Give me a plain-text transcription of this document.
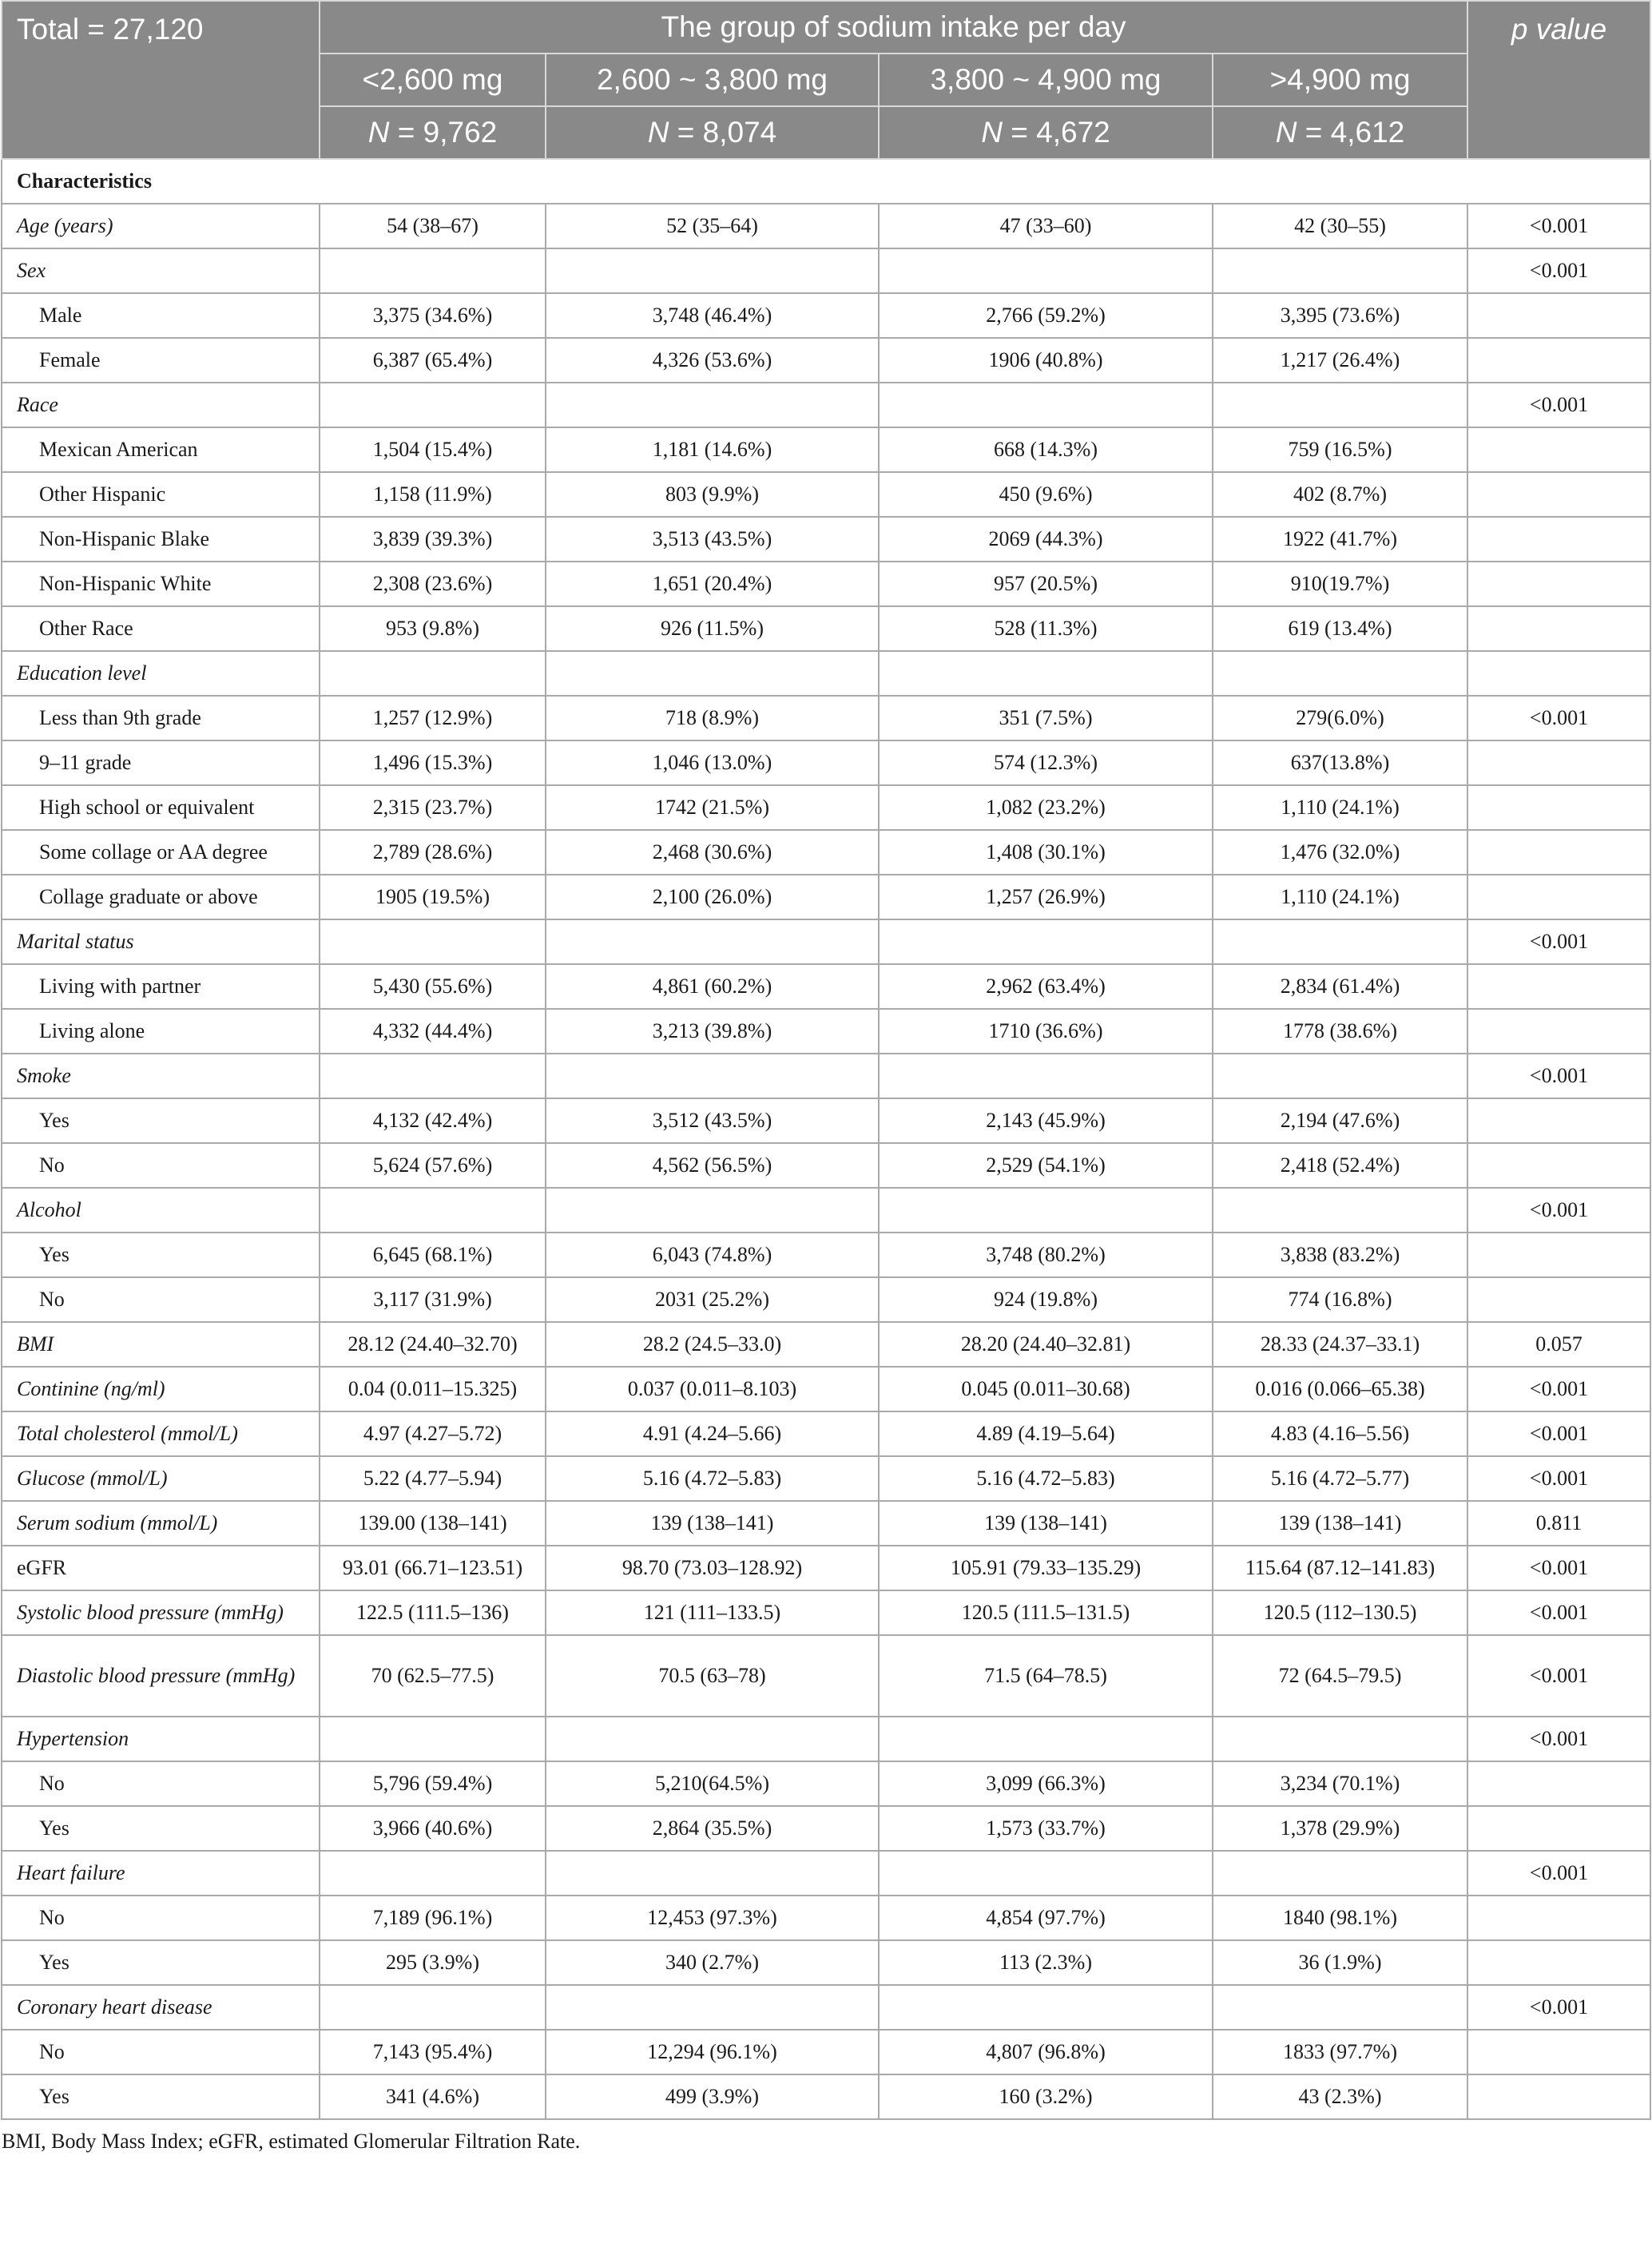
Total = 27,120	The group of sodium intake per day				p value
	<2,600 mg	2,600 ~ 3,800 mg	3,800 ~ 4,900 mg	>4,900 mg	
	N = 9,762	N = 8,074	N = 4,672	N = 4,612	
Characteristics					
Age (years)	54 (38–67)	52 (35–64)	47 (33–60)	42 (30–55)	<0.001
Sex					<0.001
Male	3,375 (34.6%)	3,748 (46.4%)	2,766 (59.2%)	3,395 (73.6%)	
Female	6,387 (65.4%)	4,326 (53.6%)	1906 (40.8%)	1,217 (26.4%)	
Race					<0.001
Mexican American	1,504 (15.4%)	1,181 (14.6%)	668 (14.3%)	759 (16.5%)	
Other Hispanic	1,158 (11.9%)	803 (9.9%)	450 (9.6%)	402 (8.7%)	
Non-Hispanic Blake	3,839 (39.3%)	3,513 (43.5%)	2069 (44.3%)	1922 (41.7%)	
Non-Hispanic White	2,308 (23.6%)	1,651 (20.4%)	957 (20.5%)	910(19.7%)	
Other Race	953 (9.8%)	926 (11.5%)	528 (11.3%)	619 (13.4%)	
Education level					
Less than 9th grade	1,257 (12.9%)	718 (8.9%)	351 (7.5%)	279(6.0%)	<0.001
9–11 grade	1,496 (15.3%)	1,046 (13.0%)	574 (12.3%)	637(13.8%)	
High school or equivalent	2,315 (23.7%)	1742 (21.5%)	1,082 (23.2%)	1,110 (24.1%)	
Some collage or AA degree	2,789 (28.6%)	2,468 (30.6%)	1,408 (30.1%)	1,476 (32.0%)	
Collage graduate or above	1905 (19.5%)	2,100 (26.0%)	1,257 (26.9%)	1,110 (24.1%)	
Marital status					<0.001
Living with partner	5,430 (55.6%)	4,861 (60.2%)	2,962 (63.4%)	2,834 (61.4%)	
Living alone	4,332 (44.4%)	3,213 (39.8%)	1710 (36.6%)	1778 (38.6%)	
Smoke					<0.001
Yes	4,132 (42.4%)	3,512 (43.5%)	2,143 (45.9%)	2,194 (47.6%)	
No	5,624 (57.6%)	4,562 (56.5%)	2,529 (54.1%)	2,418 (52.4%)	
Alcohol					<0.001
Yes	6,645 (68.1%)	6,043 (74.8%)	3,748 (80.2%)	3,838 (83.2%)	
No	3,117 (31.9%)	2031 (25.2%)	924 (19.8%)	774 (16.8%)	
BMI	28.12 (24.40–32.70)	28.2 (24.5–33.0)	28.20 (24.40–32.81)	28.33 (24.37–33.1)	0.057
Continine (ng/ml)	0.04 (0.011–15.325)	0.037 (0.011–8.103)	0.045 (0.011–30.68)	0.016 (0.066–65.38)	<0.001
Total cholesterol (mmol/L)	4.97 (4.27–5.72)	4.91 (4.24–5.66)	4.89 (4.19–5.64)	4.83 (4.16–5.56)	<0.001
Glucose (mmol/L)	5.22 (4.77–5.94)	5.16 (4.72–5.83)	5.16 (4.72–5.83)	5.16 (4.72–5.77)	<0.001
Serum sodium (mmol/L)	139.00 (138–141)	139 (138–141)	139 (138–141)	139 (138–141)	0.811
eGFR	93.01 (66.71–123.51)	98.70 (73.03–128.92)	105.91 (79.33–135.29)	115.64 (87.12–141.83)	<0.001
Systolic blood pressure (mmHg)	122.5 (111.5–136)	121 (111–133.5)	120.5 (111.5–131.5)	120.5 (112–130.5)	<0.001
Diastolic blood pressure (mmHg)	70 (62.5–77.5)	70.5 (63–78)	71.5 (64–78.5)	72 (64.5–79.5)	<0.001
Hypertension					<0.001
No	5,796 (59.4%)	5,210(64.5%)	3,099 (66.3%)	3,234 (70.1%)	
Yes	3,966 (40.6%)	2,864 (35.5%)	1,573 (33.7%)	1,378 (29.9%)	
Heart failure					<0.001
No	7,189 (96.1%)	12,453 (97.3%)	4,854 (97.7%)	1840 (98.1%)	
Yes	295 (3.9%)	340 (2.7%)	113 (2.3%)	36 (1.9%)	
Coronary heart disease					<0.001
No	7,143 (95.4%)	12,294 (96.1%)	4,807 (96.8%)	1833 (97.7%)	
Yes	341 (4.6%)	499 (3.9%)	160 (3.2%)	43 (2.3%)	
BMI, Body Mass Index; eGFR, estimated Glomerular Filtration Rate.
